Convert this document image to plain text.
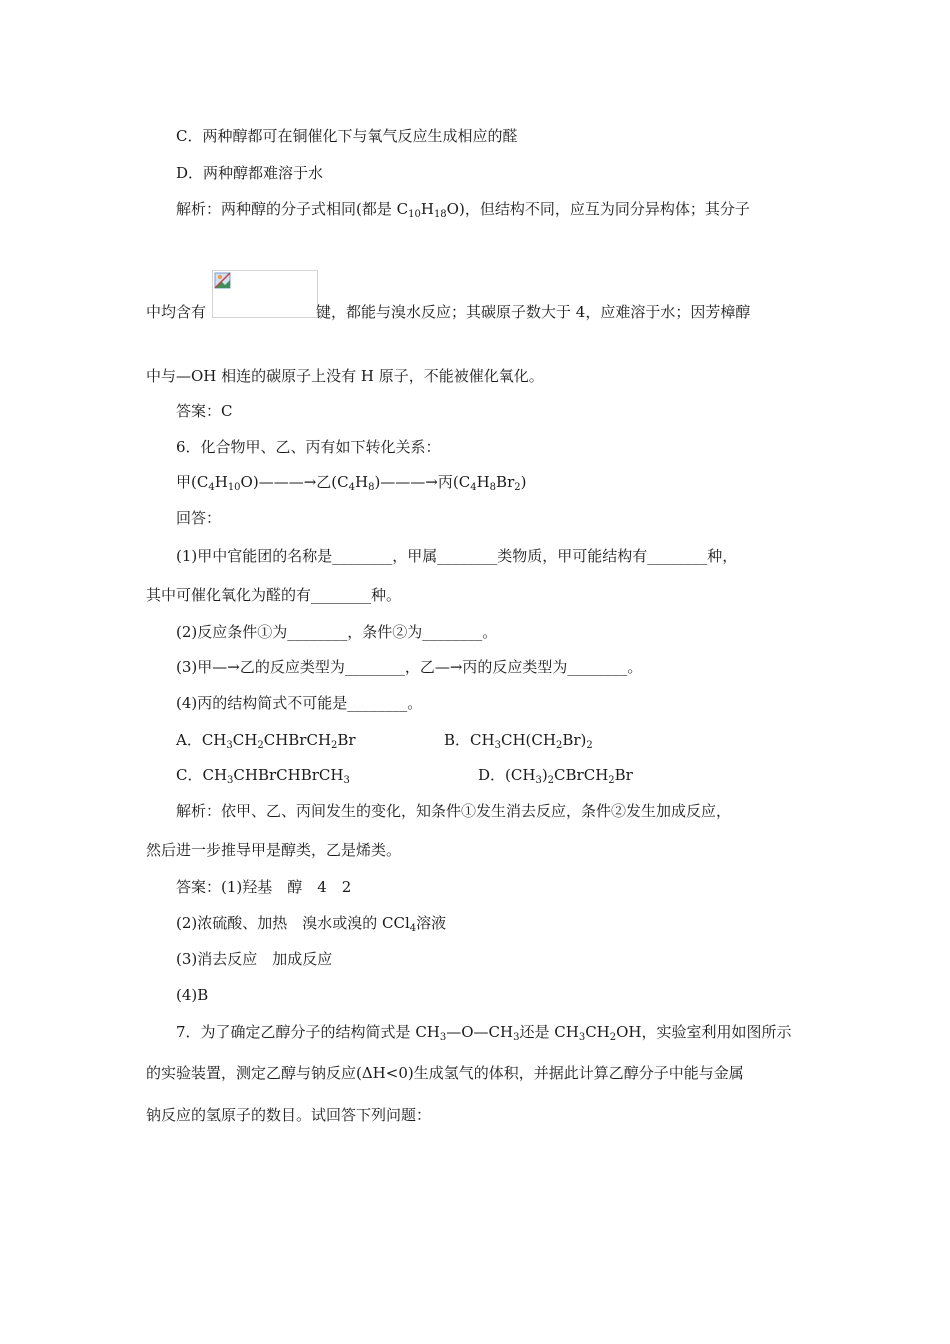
C．两种醇都可在铜催化下与氧气反应生成相应的醛
D．两种醇都难溶于水
解析：两种醇的分子式相同(都是 $C_{10}H_{18}O$)，但结构不同，应互为同分异构体；其分子
中均含有	键，都能与溴水反应；其碳原子数大于 4，应难溶于水；因芳樟醇
中与—OH 相连的碳原子上没有 H 原子，不能被催化氧化。
答案：C
6．化合物甲、乙、丙有如下转化关系：
甲$(C_4H_{10}O)———\to$乙$(C_4H_8)———\to$丙$(C_4H_8Br_2)$
回答：
(1)甲中官能团的名称是________，甲属________类物质，甲可能结构有________种，
其中可催化氧化为醛的有________种。
(2)反应条件①为________，条件②为________。
(3)甲—→乙的反应类型为________，乙—→丙的反应类型为________。
(4)丙的结构简式不可能是________。
A．$CH_3CH_2CHBrCH_2Br$	B．$CH_3CH(CH_2Br)_2$
C．$CH_3CHBrCHBrCH_3$	D．$(CH_3)_2CBrCH_2Br$
解析：依甲、乙、丙间发生的变化，知条件①发生消去反应，条件②发生加成反应，
然后进一步推导甲是醇类，乙是烯类。
答案：(1)羟基　醇　4　2
(2)浓硫酸、加热　溴水或溴的 CCl$_4$溶液
(3)消去反应　加成反应
(4)B
7．为了确定乙醇分子的结构简式是 $CH_3—O—CH_3$还是 $CH_3CH_2OH$，实验室利用如图所示
的实验装置，测定乙醇与钠反应(ΔH<0)生成氢气的体积，并据此计算乙醇分子中能与金属
钠反应的氢原子的数目。试回答下列问题：
